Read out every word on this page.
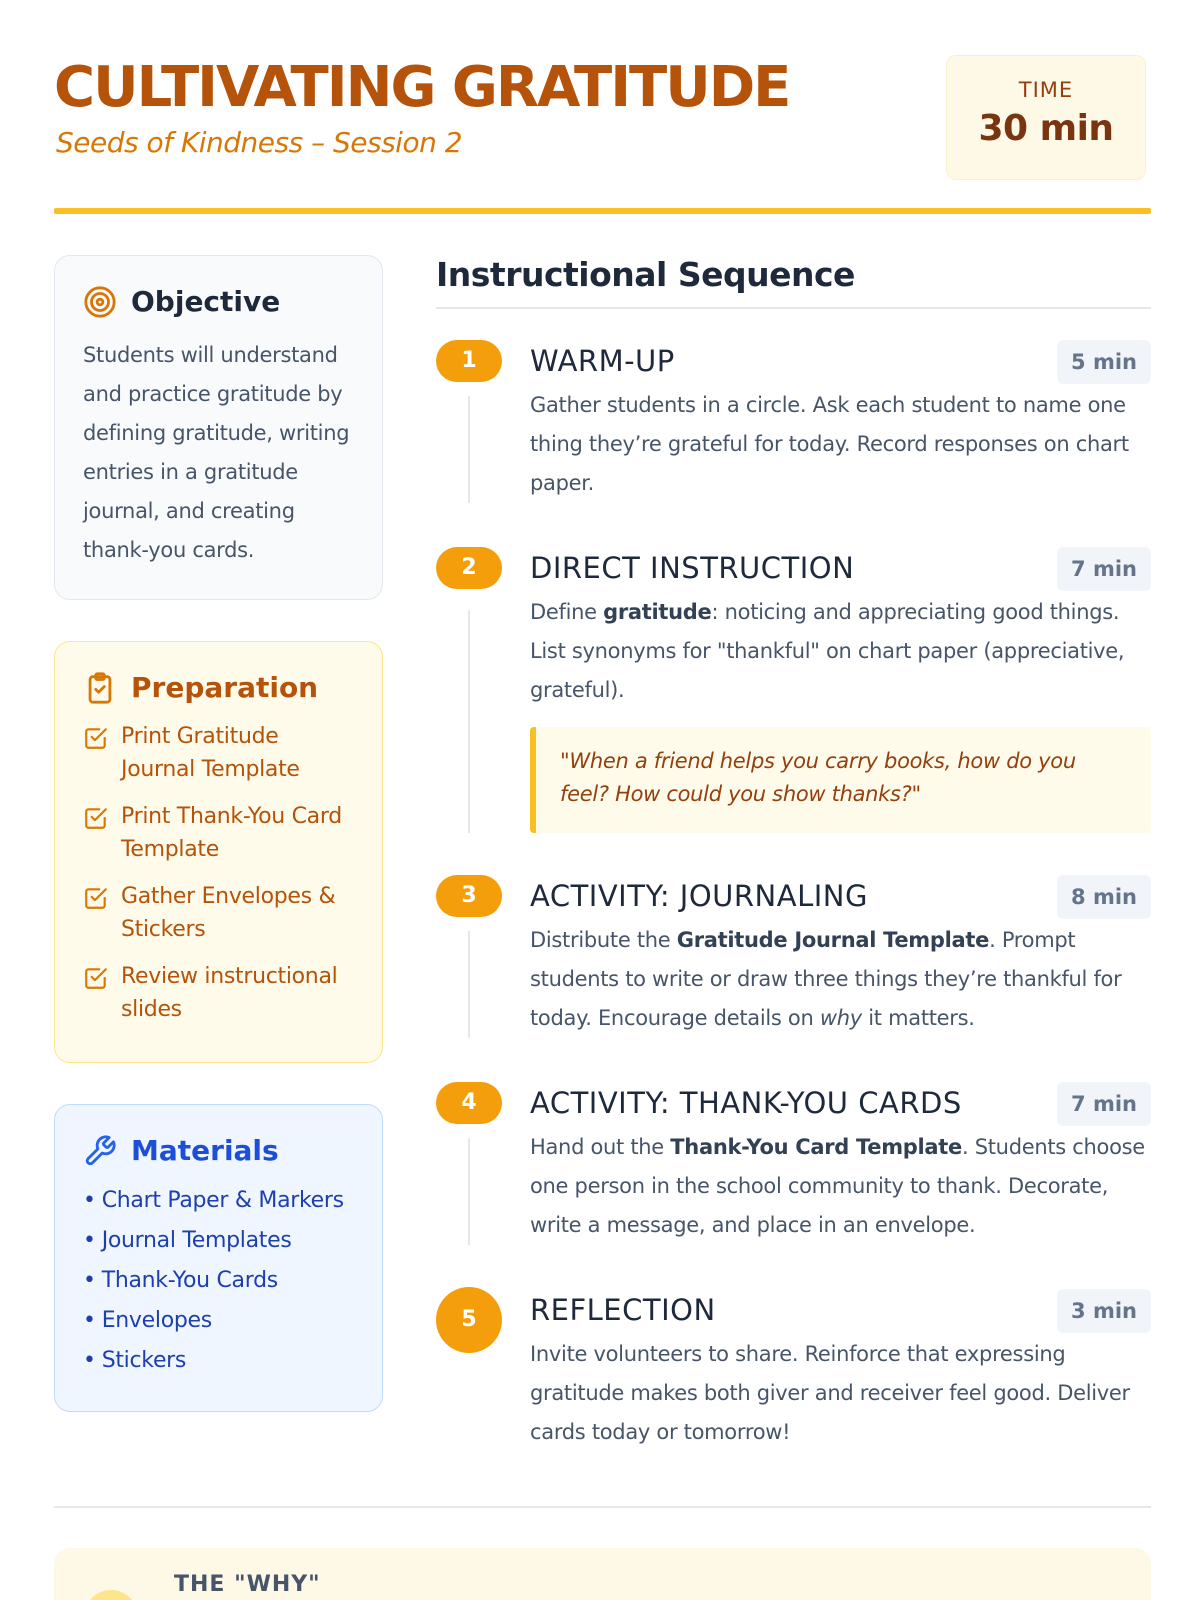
CULTIVATING GRATITUDE
Seeds of Kindness – Session 2
TIME
30 min
Objective

Students will understand and practice gratitude by defining gratitude, writing entries in a gratitude journal, and creating thank-you cards.

Preparation
Print Gratitude Journal Template
Print Thank-You Card Template
Gather Envelopes & Stickers
Review instructional slides
Materials
• Chart Paper & Markers
• Journal Templates
• Thank-You Cards
• Envelopes
• Stickers
Instructional Sequence
1	WARM-UP	5 min

Gather students in a circle. Ask each student to name one thing they’re grateful for today. Record responses on chart paper.

2	DIRECT INSTRUCTION	7 min

Define gratitude: noticing and appreciating good things. List synonyms for "thankful" on chart paper (appreciative, grateful).

"When a friend helps you carry books, how do you feel? How could you show thanks?"
3	ACTIVITY: JOURNALING	8 min

Distribute the Gratitude Journal Template. Prompt students to write or draw three things they’re thankful for today. Encourage details on why it matters.

4	ACTIVITY: THANK-YOU CARDS	7 min

Hand out the Thank-You Card Template. Students choose one person in the school community to thank. Decorate, write a message, and place in an envelope.

5	REFLECTION	3 min

Invite volunteers to share. Reinforce that expressing gratitude makes both giver and receiver feel good. Deliver cards today or tomorrow!

THE "WHY"
